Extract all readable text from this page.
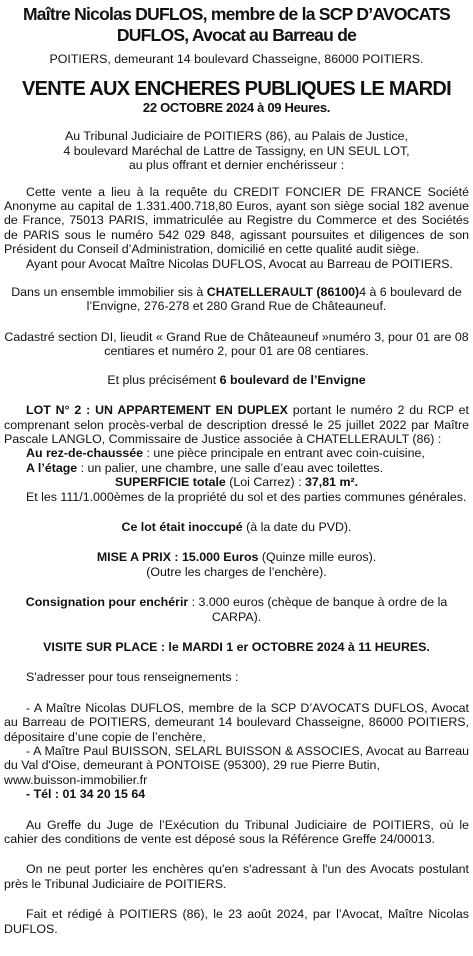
Maître Nicolas DUFLOS, membre de la SCP D’AVOCATS
DUFLOS, Avocat au Barreau de

POITIERS, demeurant 14 boulevard Chasseigne, 86000 POITIERS.

VENTE AUX ENCHERES PUBLIQUES LE MARDI
22 OCTOBRE 2024 à 09 Heures.

Au Tribunal Judiciaire de POITIERS (86), au Palais de Justice,

4 boulevard Maréchal de Lattre de Tassigny, en UN SEUL LOT,

au plus offrant et dernier enchérisseur :

Cette vente a lieu à la requête du CREDIT FONCIER DE FRANCE Société Anonyme au capital de 1.331.400.718,80 Euros, ayant son siège social 182 avenue de France, 75013 PARIS, immatriculée au Registre du Commerce et des Sociétés de PARIS sous le numéro 542 029 848, agissant poursuites et diligences de son Président du Conseil d’Administration, domicilié en cette qualité audit siège.

Ayant pour Avocat Maître Nicolas DUFLOS, Avocat au Barreau de POITIERS.

Dans un ensemble immobilier sis à CHATELLERAULT (86100)4 à 6 boulevard de l’Envigne, 276-278 et 280 Grand Rue de Châteauneuf.

Cadastré section DI, lieudit « Grand Rue de Châteauneuf »numéro 3, pour 01 are 08 centiares et numéro 2, pour 01 are 08 centiares.

Et plus précisément 6 boulevard de l’Envigne

LOT N° 2 : UN APPARTEMENT EN DUPLEX portant le numéro 2 du RCP et comprenant selon procès-verbal de description dressé le 25 juillet 2022 par Maître Pascale LANGLO, Commissaire de Justice associée à CHATELLERAULT (86) :

Au rez-de-chaussée : une pièce principale en entrant avec coin-cuisine,

A l’étage : un palier, une chambre, une salle d’eau avec toilettes.

SUPERFICIE totale (Loi Carrez) : 37,81 m².

Et les 111/1.000èmes de la propriété du sol et des parties communes générales.

Ce lot était inoccupé (à la date du PVD).

MISE A PRIX : 15.000 Euros (Quinze mille euros).

(Outre les charges de l’enchère).

Consignation pour enchérir : 3.000 euros (chèque de banque à ordre de la CARPA).

VISITE SUR PLACE : le MARDI 1 er OCTOBRE 2024 à 11 HEURES.

S'adresser pour tous renseignements :

- A Maître Nicolas DUFLOS, membre de la SCP D’AVOCATS DUFLOS, Avocat au Barreau de POITIERS, demeurant 14 boulevard Chasseigne, 86000 POITIERS, dépositaire d’une copie de l’enchère,

- A Maître Paul BUISSON, SELARL BUISSON & ASSOCIES, Avocat au Barreau du Val d'Oise, demeurant à PONTOISE (95300), 29 rue Pierre Butin,

www.buisson-immobilier.fr

- Tél : 01 34 20 15 64

Au Greffe du Juge de l’Exécution du Tribunal Judiciaire de POITIERS, où le cahier des conditions de vente est déposé sous la Référence Greffe 24/00013.

On ne peut porter les enchères qu'en s'adressant à l'un des Avocats postulant près le Tribunal Judiciaire de POITIERS.

Fait et rédigé à POITIERS (86), le 23 août 2024, par l’Avocat, Maître Nicolas DUFLOS.
